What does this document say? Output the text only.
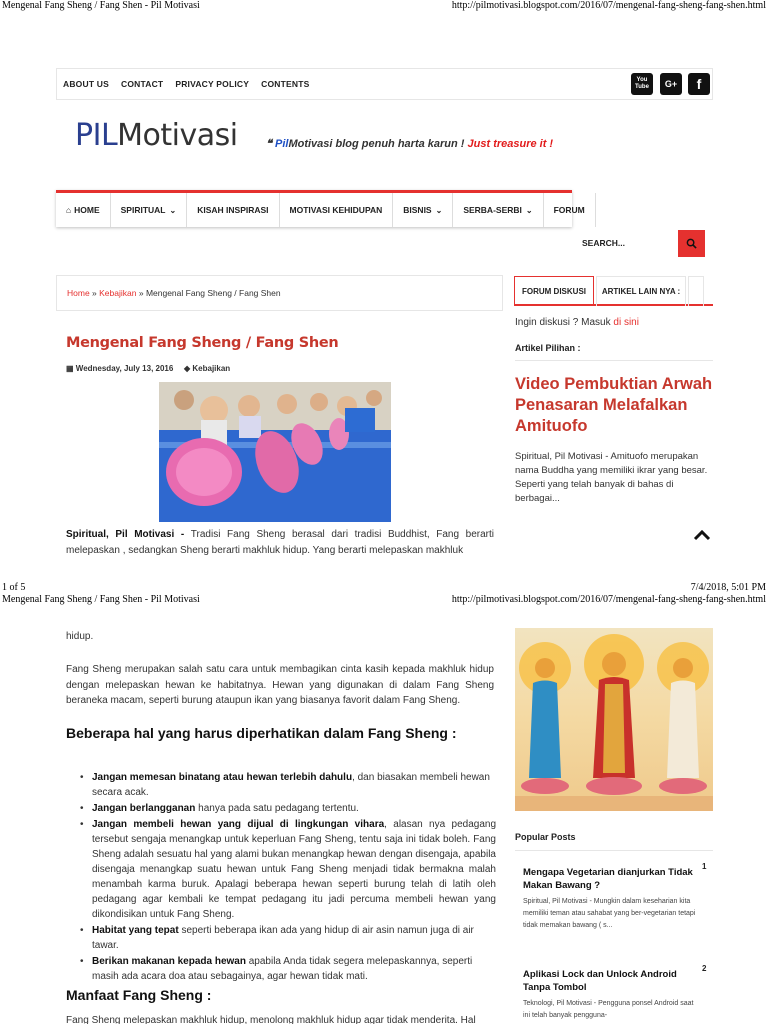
Mengenal Fang Sheng / Fang Shen - Pil Motivasi	http://pilmotivasi.blogspot.com/2016/07/mengenal-fang-sheng-fang-shen.html
ABOUT US CONTACT PRIVACY POLICY CONTENTS	You Tube	G+	f
PILMotivasi	❝ PilMotivasi blog penuh harta karun ! Just treasure it !
⌂ HOME SPIRITUAL ⌄ KISAH INSPIRASI MOTIVASI KEHIDUPAN BISNIS ⌄ SERBA-SERBI ⌄ FORUM
SEARCH...
Home » Kebajikan » Mengenal Fang Sheng / Fang Shen	FORUM DISKUSI	ARTIKEL LAIN NYA :
Ingin diskusi ? Masuk di sini
Artikel Pilihan :
Video Pembuktian Arwah Penasaran Melafalkan Amituofo
Spiritual, Pil Motivasi - Amituofo merupakan nama Buddha yang memiliki ikrar yang besar. Seperti yang telah banyak di bahas di berbagai...
Mengenal Fang Sheng / Fang Shen
▦ Wednesday, July 13, 2016 ◆ Kebajikan
Spiritual, Pil Motivasi - Tradisi Fang Sheng berasal dari tradisi Buddhist, Fang berarti melepaskan , sedangkan Sheng berarti makhluk hidup. Yang berarti melepaskan makhluk
1 of 5	7/4/2018, 5:01 PM
Mengenal Fang Sheng / Fang Shen - Pil Motivasi	http://pilmotivasi.blogspot.com/2016/07/mengenal-fang-sheng-fang-shen.html
hidup.
Fang Sheng merupakan salah satu cara untuk membagikan cinta kasih kepada makhluk hidup dengan melepaskan hewan ke habitatnya. Hewan yang digunakan di dalam Fang Sheng beraneka macam, seperti burung ataupun ikan yang biasanya favorit dalam Fang Sheng.
Beberapa hal yang harus diperhatikan dalam Fang Sheng :
• Jangan memesan binatang atau hewan terlebih dahulu, dan biasakan membeli hewan secara acak.
• Jangan berlangganan hanya pada satu pedagang tertentu.
• Jangan membeli hewan yang dijual di lingkungan vihara, alasan nya pedagang tersebut sengaja menangkap untuk keperluan Fang Sheng, tentu saja ini tidak boleh. Fang Sheng adalah sesuatu hal yang alami bukan menangkap hewan dengan disengaja, apabila disengaja menangkap suatu hewan untuk Fang Sheng menjadi tidak bermakna malah menambah karma buruk. Apalagi beberapa hewan seperti burung telah di latih oleh pedagang agar kembali ke tempat pedagang itu jadi percuma membeli hewan yang dikondisikan untuk Fang Sheng.
• Habitat yang tepat seperti beberapa ikan ada yang hidup di air asin namun juga di air tawar.
• Berikan makanan kepada hewan apabila Anda tidak segera melepaskannya, seperti masih ada acara doa atau sebagainya, agar hewan tidak mati.
Manfaat Fang Sheng :
Fang Sheng melepaskan makhluk hidup, menolong makhluk hidup agar tidak menderita. Hal
Popular Posts
1
Mengapa Vegetarian dianjurkan Tidak Makan Bawang ?
Spiritual, Pil Motivasi - Mungkin dalam keseharian kita memiliki teman atau sahabat yang ber-vegetarian tetapi tidak memakan bawang ( s...
2
Aplikasi Lock dan Unlock Android Tanpa Tombol
Teknologi, Pil Motivasi - Pengguna ponsel Android saat ini telah banyak pengguna-
